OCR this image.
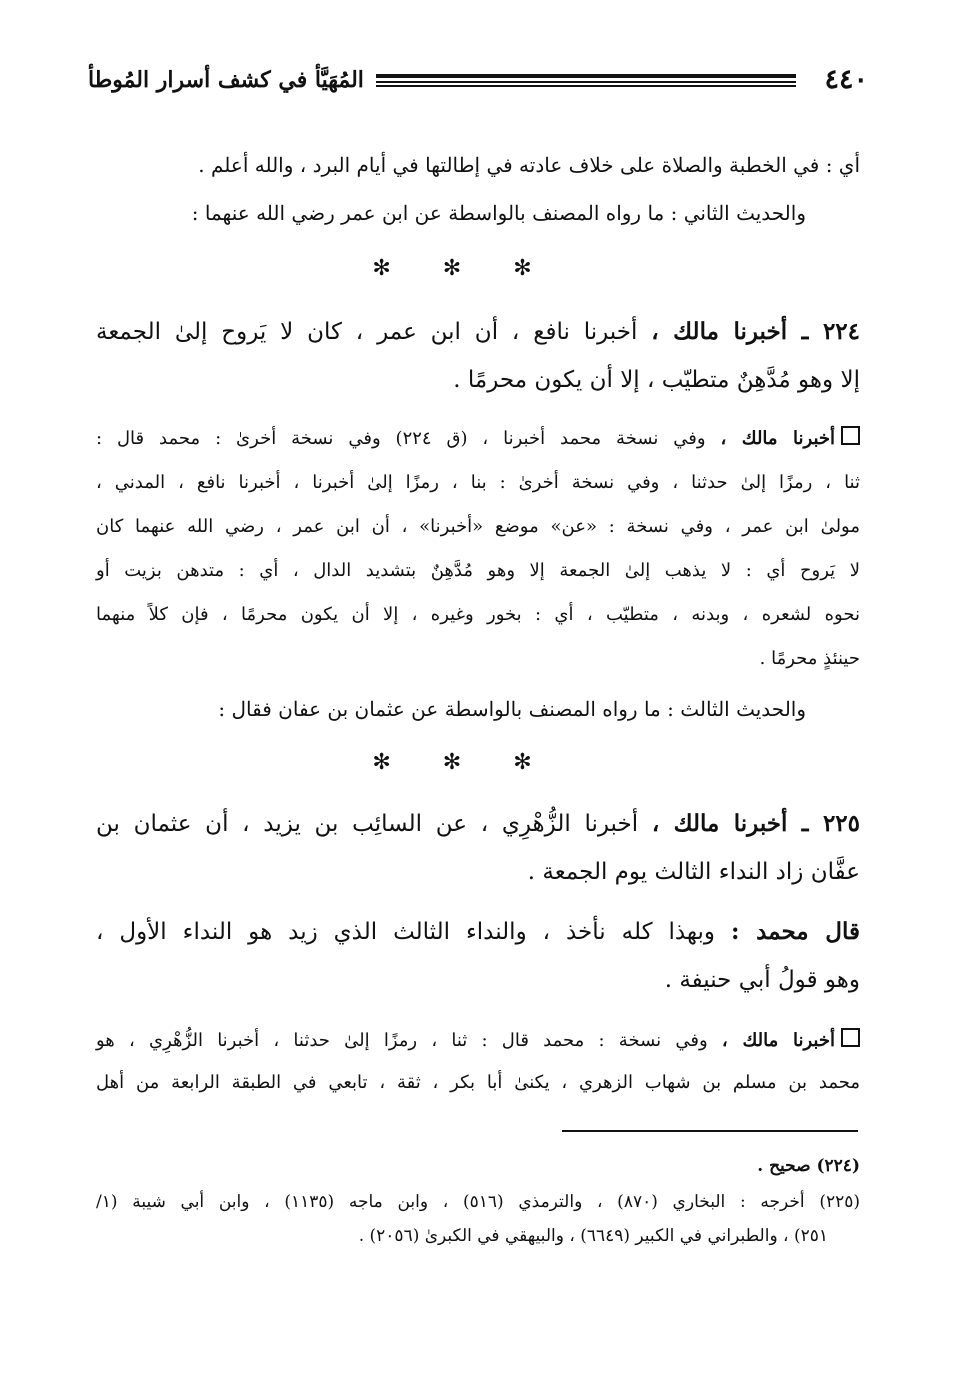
٤٤٠
المُهَيَّأ في كشف أسرار المُوطأ
أي : في الخطبة والصلاة على خلاف عادته في إطالتها في أيام البرد ، والله أعلم .
والحديث الثاني : ما رواه المصنف بالواسطة عن ابن عمر رضي الله عنهما :
✻✻✻
٢٢٤ ـ أخبرنا مالك ، أخبرنا نافع ، أن ابن عمر ، كان لا يَروح إلىٰ الجمعة
إلا وهو مُدَّهِنٌ متطيّب ، إلا أن يكون محرمًا .
أخبرنا مالك ، وفي نسخة محمد أخبرنا ، (ق ٢٢٤) وفي نسخة أخرىٰ : محمد قال :
ثنا ، رمزًا إلىٰ حدثنا ، وفي نسخة أخرىٰ : بنا ، رمزًا إلىٰ أخبرنا ، أخبرنا نافع ، المدني ،
مولىٰ ابن عمر ، وفي نسخة : «عن» موضع «أخبرنا» ، أن ابن عمر ، رضي الله عنهما كان
لا يَروح أي : لا يذهب إلىٰ الجمعة إلا وهو مُدَّهِنٌ بتشديد الدال ، أي : متدهن بزيت أو
نحوه لشعره ، وبدنه ، متطيّب ، أي : بخور وغيره ، إلا أن يكون محرمًا ، فإن كلاً منهما
حينئذٍ محرمًا .
والحديث الثالث : ما رواه المصنف بالواسطة عن عثمان بن عفان فقال :
✻✻✻
٢٢٥ ـ أخبرنا مالك ، أخبرنا الزُّهْرِي ، عن السائِب بن يزيد ، أن عثمان بن
عفَّان زاد النداء الثالث يوم الجمعة .
قال محمد : وبهذا كله نأخذ ، والنداء الثالث الذي زيد هو النداء الأول ،
وهو قولُ أبي حنيفة .
أخبرنا مالك ، وفي نسخة : محمد قال : ثنا ، رمزًا إلىٰ حدثنا ، أخبرنا الزُّهْرِي ، هو
محمد بن مسلم بن شهاب الزهري ، يكنىٰ أبا بكر ، ثقة ، تابعي في الطبقة الرابعة من أهل
(٢٢٤) صحيح .
(٢٢٥) أخرجه : البخاري (٨٧٠) ، والترمذي (٥١٦) ، وابن ماجه (١١٣٥) ، وابن أبي شيبة (١/
٢٥١) ، والطبراني في الكبير (٦٦٤٩) ، والبيهقي في الكبرىٰ (٢٠٥٦) .
